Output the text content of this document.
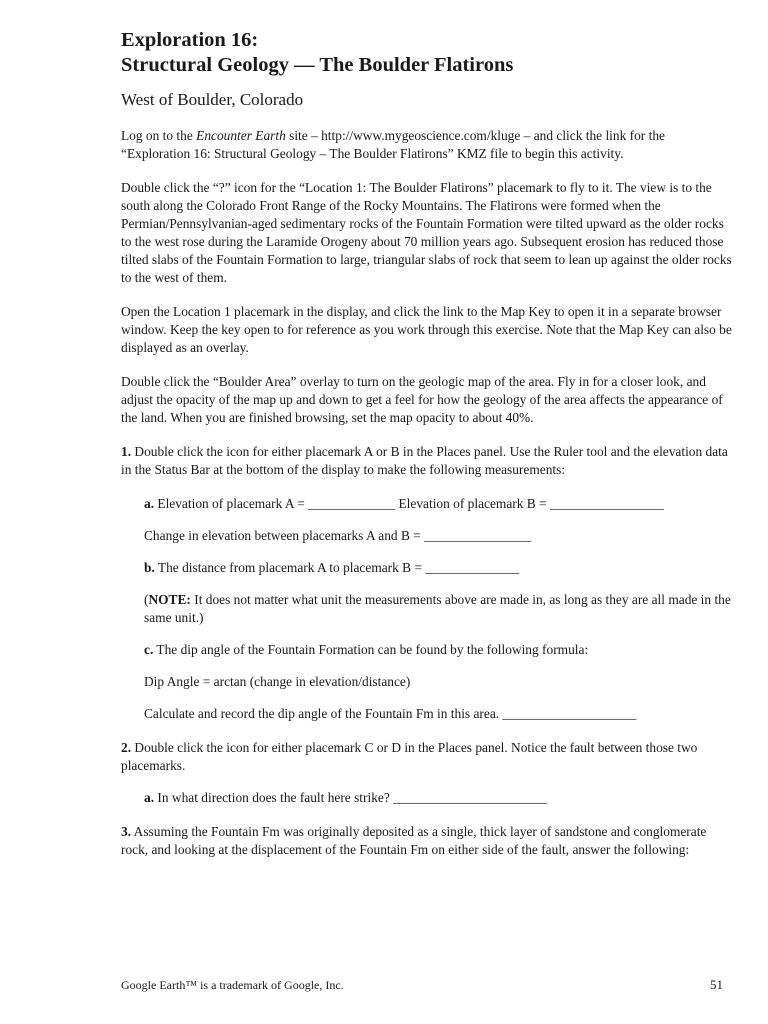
Exploration 16:
Structural Geology — The Boulder Flatirons

West of Boulder, Colorado

Log on to the Encounter Earth site – http://www.mygeoscience.com/kluge – and click the link for the “Exploration 16: Structural Geology – The Boulder Flatirons” KMZ file to begin this activity.

Double click the “?” icon for the “Location 1: The Boulder Flatirons” placemark to fly to it. The view is to the south along the Colorado Front Range of the Rocky Mountains. The Flatirons were formed when the Permian/Pennsylvanian-aged sedimentary rocks of the Fountain Formation were tilted upward as the older rocks to the west rose during the Laramide Orogeny about 70 million years ago. Subsequent erosion has reduced those tilted slabs of the Fountain Formation to large, triangular slabs of rock that seem to lean up against the older rocks to the west of them.

Open the Location 1 placemark in the display, and click the link to the Map Key to open it in a separate browser window. Keep the key open to for reference as you work through this exercise. Note that the Map Key can also be displayed as an overlay.

Double click the “Boulder Area” overlay to turn on the geologic map of the area. Fly in for a closer look, and adjust the opacity of the map up and down to get a feel for how the geology of the area affects the appearance of the land. When you are finished browsing, set the map opacity to about 40%.

1. Double click the icon for either placemark A or B in the Places panel. Use the Ruler tool and the elevation data in the Status Bar at the bottom of the display to make the following measurements:

a. Elevation of placemark A = _____________ Elevation of placemark B = _________________

Change in elevation between placemarks A and B = ________________

b. The distance from placemark A to placemark B = ______________

(NOTE: It does not matter what unit the measurements above are made in, as long as they are all made in the same unit.)

c. The dip angle of the Fountain Formation can be found by the following formula:

Dip Angle = arctan (change in elevation/distance)

Calculate and record the dip angle of the Fountain Fm in this area. ____________________

2. Double click the icon for either placemark C or D in the Places panel. Notice the fault between those two placemarks.

a. In what direction does the fault here strike? _______________________

3. Assuming the Fountain Fm was originally deposited as a single, thick layer of sandstone and conglomerate rock, and looking at the displacement of the Fountain Fm on either side of the fault, answer the following:

Google Earth™ is a trademark of Google, Inc.	51
